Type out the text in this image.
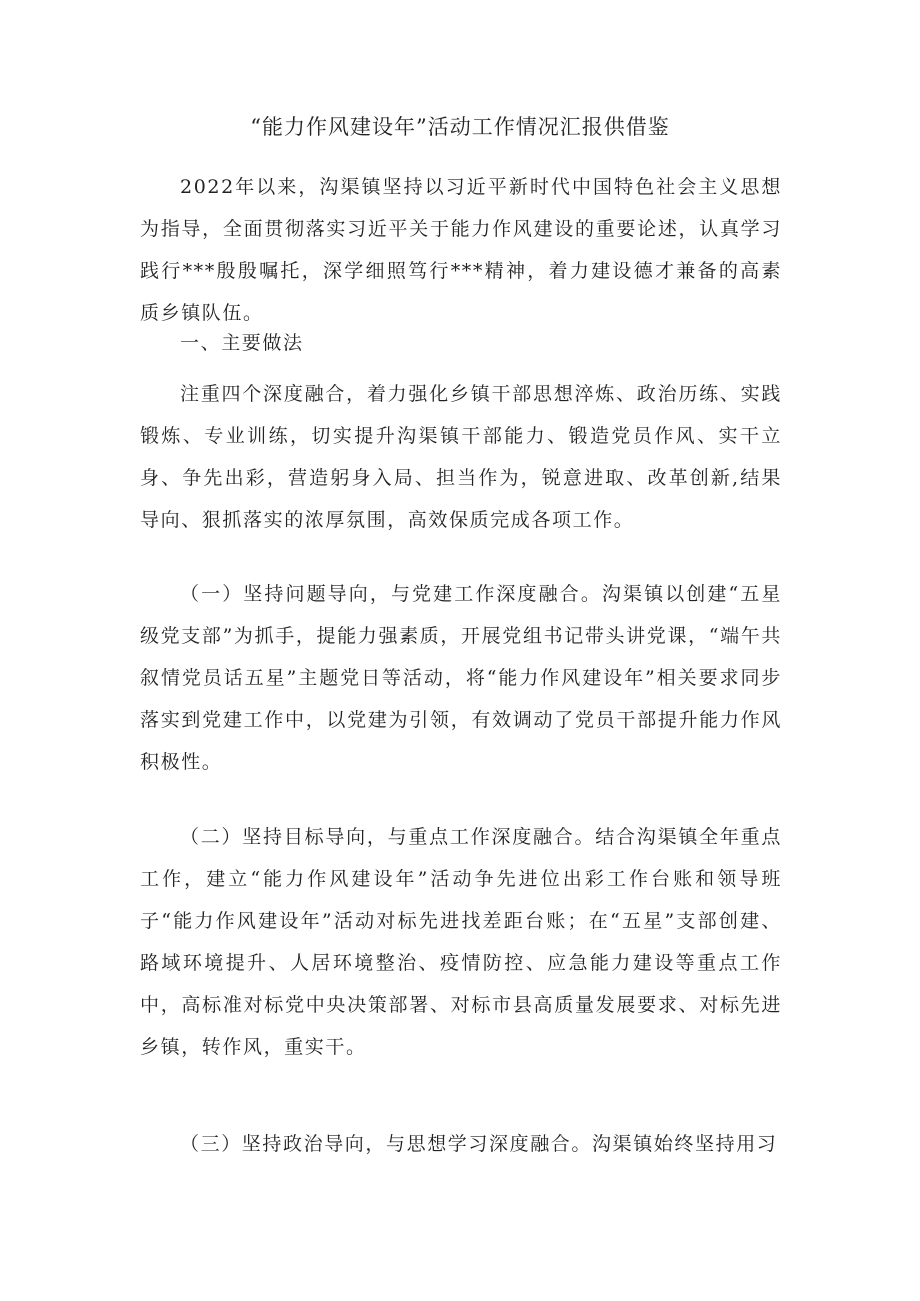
“能力作风建设年”活动工作情况汇报供借鉴

2022年以来，沟渠镇坚持以习近平新时代中国特色社会主义思想为指导，全面贯彻落实习近平关于能力作风建设的重要论述，认真学习践行***殷殷嘱托，深学细照笃行***精神，着力建设德才兼备的高素质乡镇队伍。

一、主要做法

注重四个深度融合，着力强化乡镇干部思想淬炼、政治历练、实践锻炼、专业训练，切实提升沟渠镇干部能力、锻造党员作风、实干立身、争先出彩，营造躬身入局、担当作为，锐意进取、改革创新,结果导向、狠抓落实的浓厚氛围，高效保质完成各项工作。

（一）坚持问题导向，与党建工作深度融合。沟渠镇以创建“五星级党支部”为抓手，提能力强素质，开展党组书记带头讲党课，“端午共叙情党员话五星”主题党日等活动，将“能力作风建设年”相关要求同步落实到党建工作中，以党建为引领，有效调动了党员干部提升能力作风积极性。

（二）坚持目标导向，与重点工作深度融合。结合沟渠镇全年重点工作，建立“能力作风建设年”活动争先进位出彩工作台账和领导班子“能力作风建设年”活动对标先进找差距台账；在“五星”支部创建、路域环境提升、人居环境整治、疫情防控、应急能力建设等重点工作中，高标准对标党中央决策部署、对标市县高质量发展要求、对标先进乡镇，转作风，重实干。

（三）坚持政治导向，与思想学习深度融合。沟渠镇始终坚持用习
